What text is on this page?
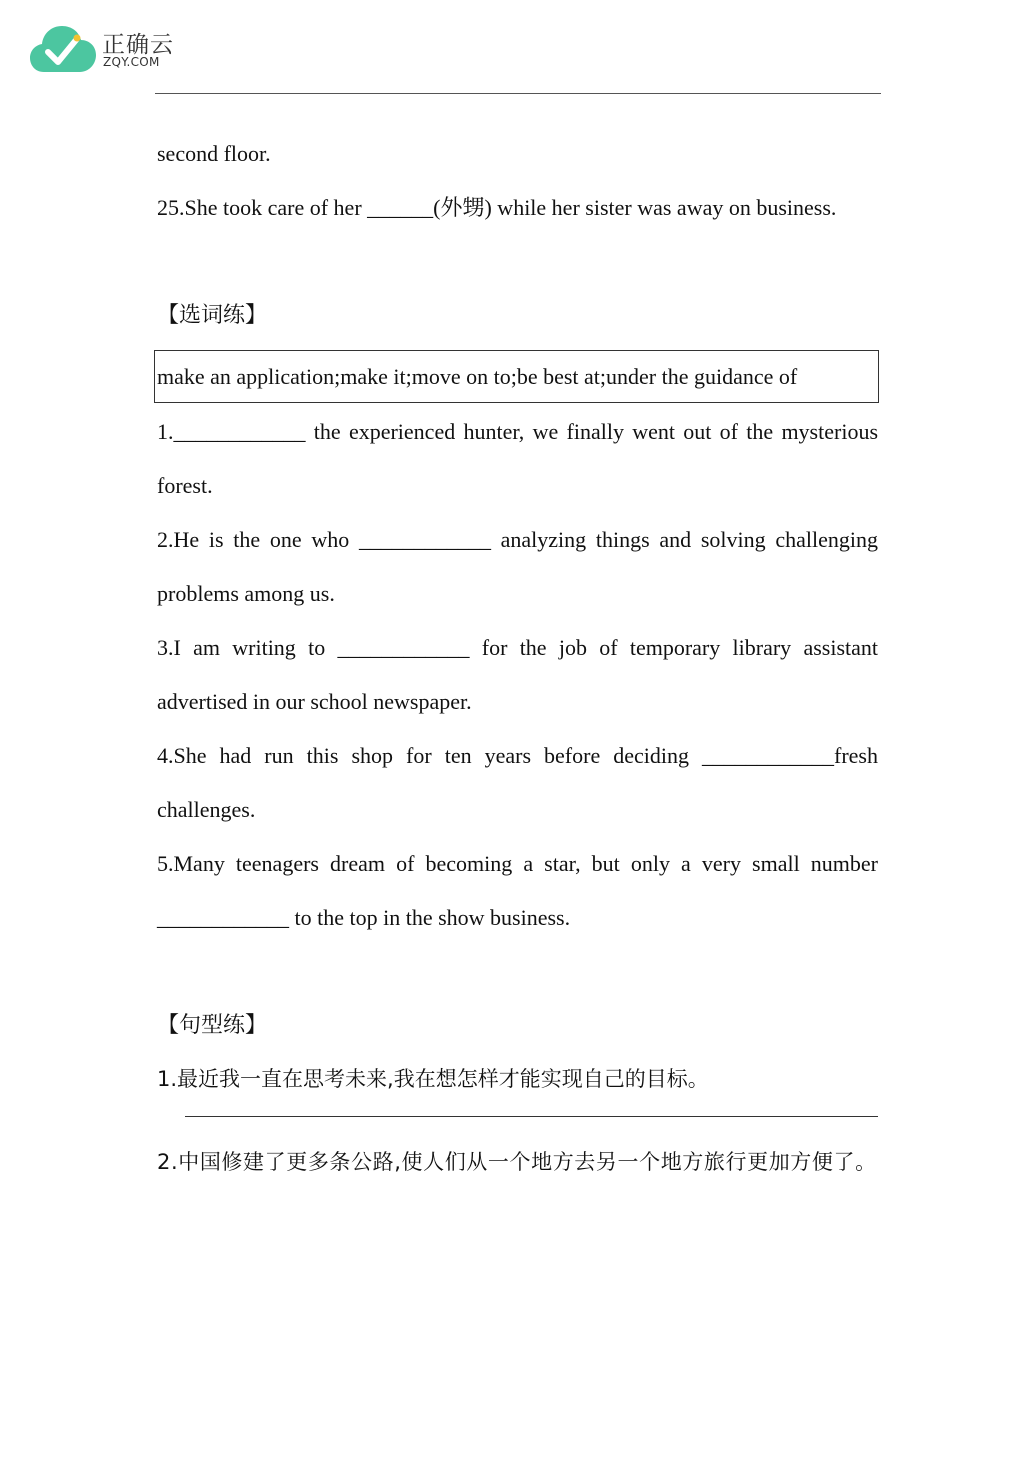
正确云
ZQY.COM

second floor.

25.She took care of her ______(外甥) while her sister was away on business.

【选词练】

make an application;make it;move on to;be best at;under the guidance of

1.____________ the experienced hunter, we finally went out of the mysterious forest.

2.He is the one who ____________ analyzing things and solving challenging problems among us.

3.I am writing to ____________ for the job of temporary library assistant advertised in our school newspaper.

4.She had run this shop for ten years before deciding ____________fresh challenges.

5.Many teenagers dream of becoming a star, but only a very small number ____________ to the top in the show business.

【句型练】

1.最近我一直在思考未来,我在想怎样才能实现自己的目标。

2.中国修建了更多条公路,使人们从一个地方去另一个地方旅行更加方便了。
